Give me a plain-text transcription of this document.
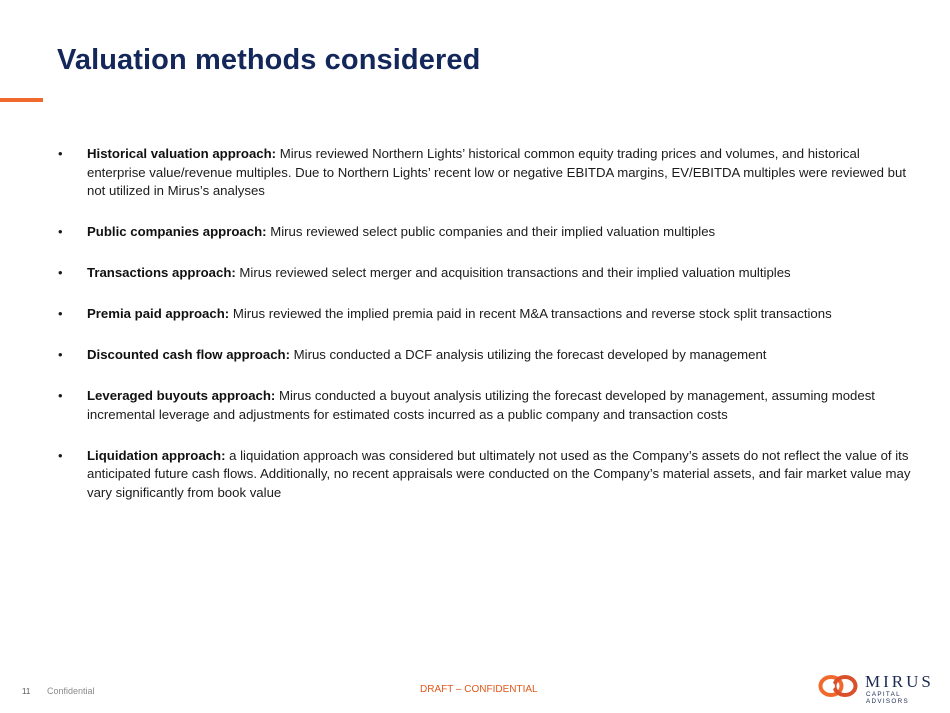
Valuation methods considered
• Historical valuation approach: Mirus reviewed Northern Lights’ historical common equity trading prices and volumes, and historical enterprise value/revenue multiples. Due to Northern Lights’ recent low or negative EBITDA margins, EV/EBITDA multiples were reviewed but not utilized in Mirus’s analyses
• Public companies approach: Mirus reviewed select public companies and their implied valuation multiples
• Transactions approach: Mirus reviewed select merger and acquisition transactions and their implied valuation multiples
• Premia paid approach: Mirus reviewed the implied premia paid in recent M&A transactions and reverse stock split transactions
• Discounted cash flow approach: Mirus conducted a DCF analysis utilizing the forecast developed by management
• Leveraged buyouts approach: Mirus conducted a buyout analysis utilizing the forecast developed by management, assuming modest incremental leverage and adjustments for estimated costs incurred as a public company and transaction costs
• Liquidation approach: a liquidation approach was considered but ultimately not used as the Company’s assets do not reflect the value of its anticipated future cash flows. Additionally, no recent appraisals were conducted on the Company’s material assets, and fair market value may vary significantly from book value
11 Confidential	DRAFT – CONFIDENTIAL	MIRUS
CAPITAL ADVISORS
